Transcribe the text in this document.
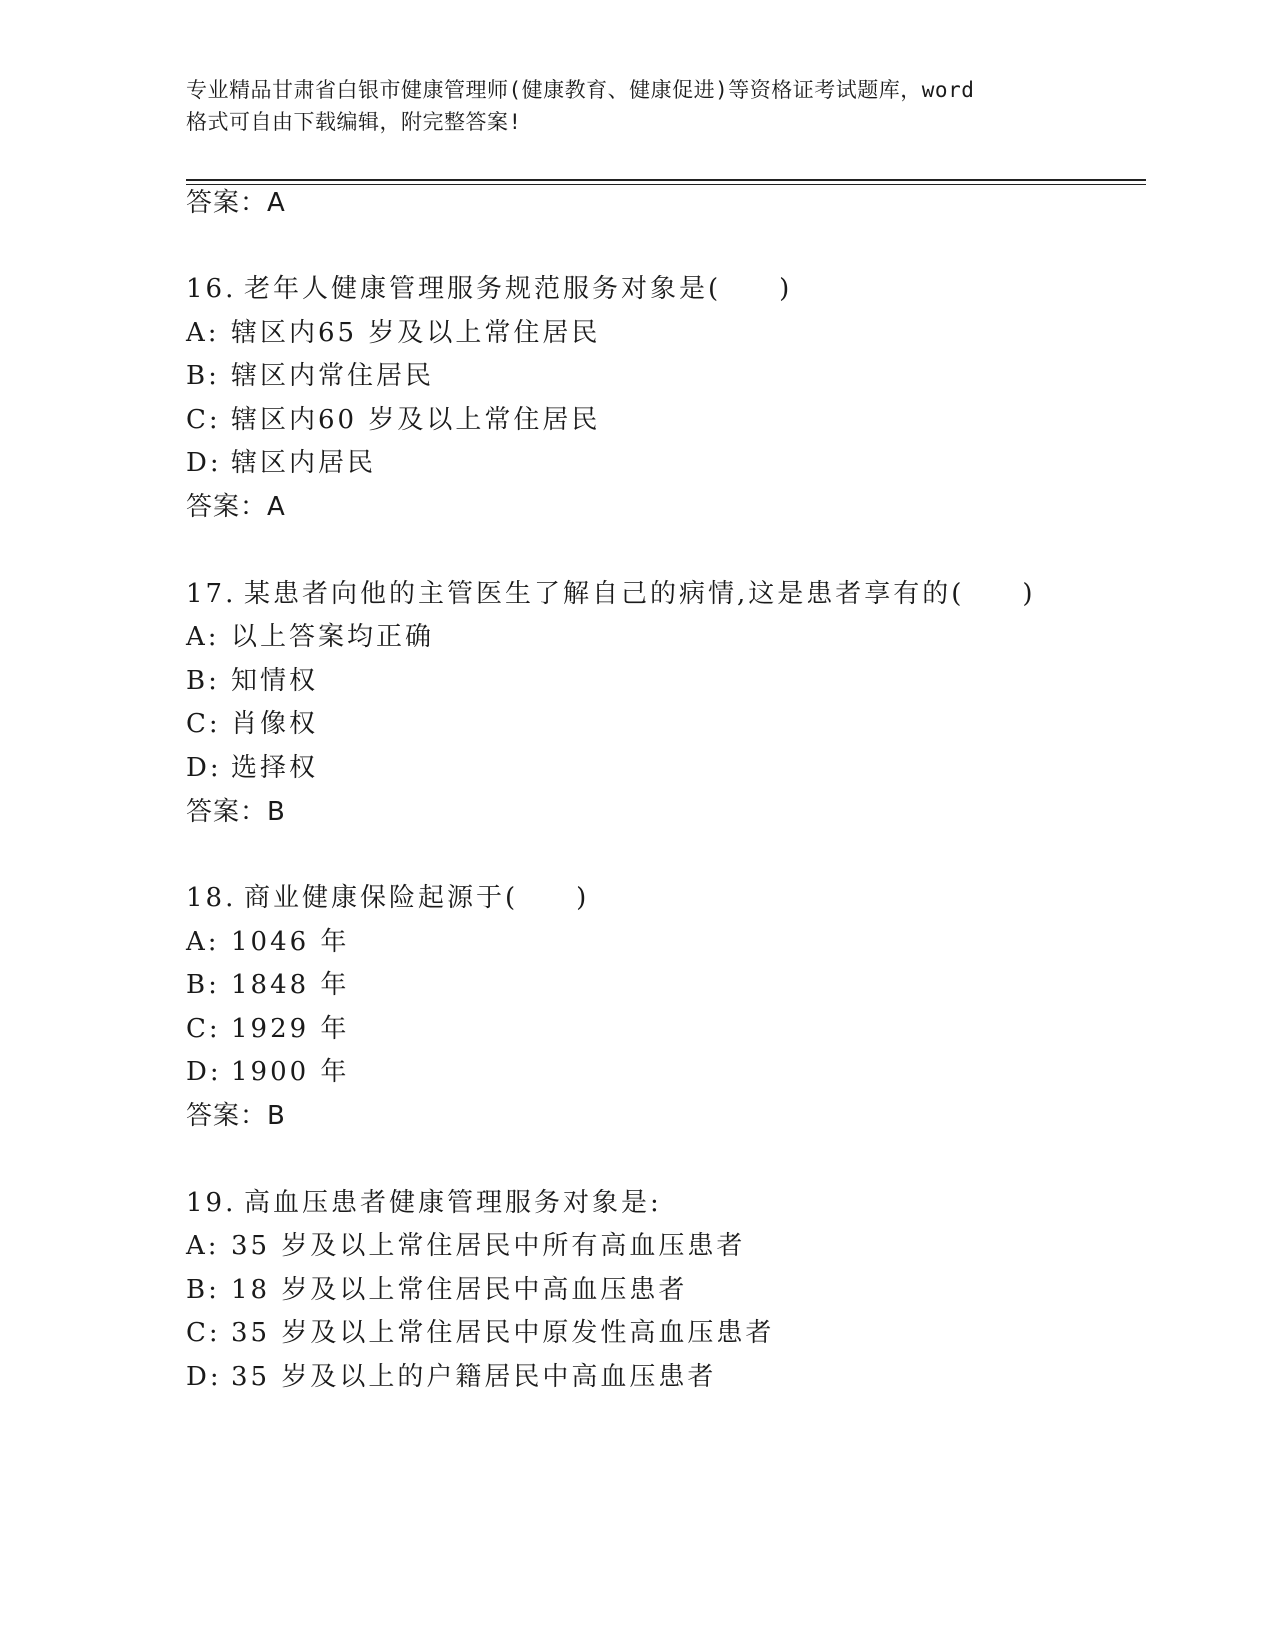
专业精品甘肃省白银市健康管理师(健康教育、健康促进)等资格证考试题库，word
格式可自由下载编辑，附完整答案!
答案：A
16. 老年人健康管理服务规范服务对象是(　　)
A: 辖区内65 岁及以上常住居民
B: 辖区内常住居民
C: 辖区内60 岁及以上常住居民
D: 辖区内居民
答案：A
17. 某患者向他的主管医生了解自己的病情,这是患者享有的(　　)
A: 以上答案均正确
B: 知情权
C: 肖像权
D: 选择权
答案：B
18. 商业健康保险起源于(　　)
A: 1046 年
B: 1848 年
C: 1929 年
D: 1900 年
答案：B
19. 高血压患者健康管理服务对象是:
A: 35 岁及以上常住居民中所有高血压患者
B: 18 岁及以上常住居民中高血压患者
C: 35 岁及以上常住居民中原发性高血压患者
D: 35 岁及以上的户籍居民中高血压患者
